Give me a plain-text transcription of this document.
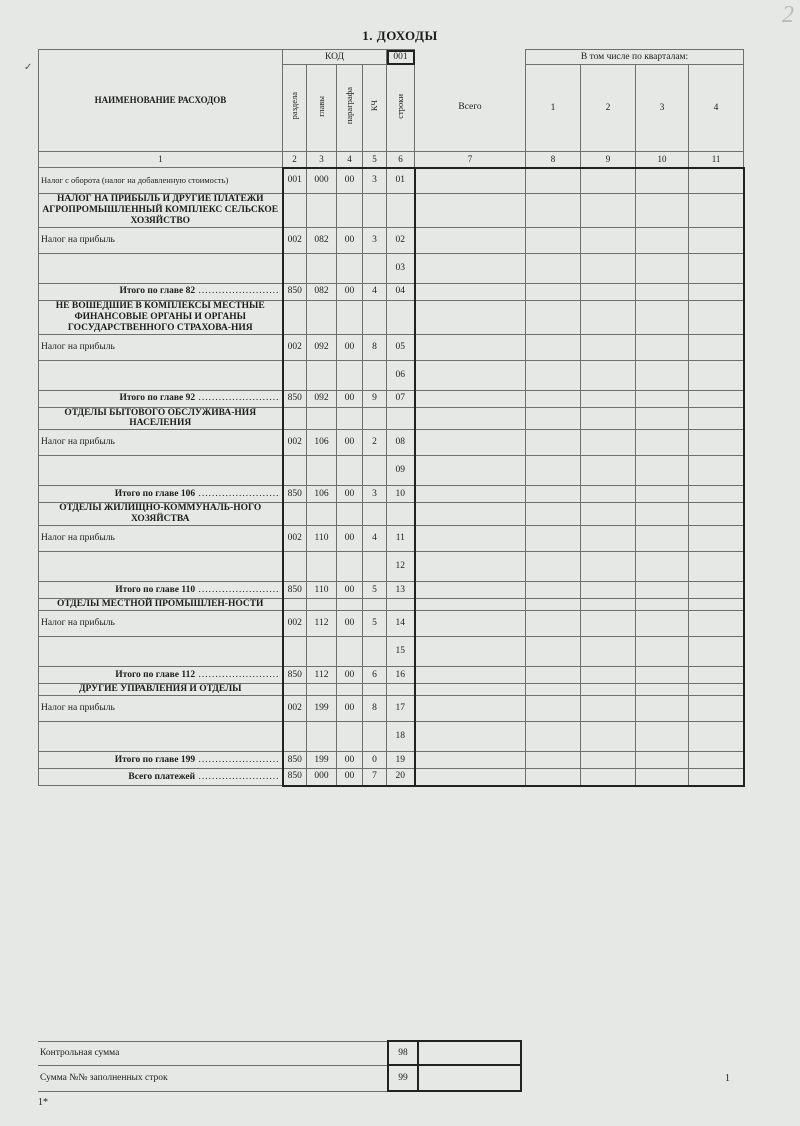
2
1. ДОХОДЫ
НАИМЕНОВАНИЕ РАСХОДОВ	КОД				001		В том числе по кварталам:			
	раздела	главы	параграфа	КЧ	строки	Всего	1	2	3	4
1	2	3	4	5	6	7	8	9	10	11
Налог с оборота (налог на добавленную стоимость)	001	000	00	3	01					
НАЛОГ НА ПРИБЫЛЬ И ДРУГИЕ ПЛАТЕЖИ АГРОПРОМЫШЛЕННЫЙ КОМПЛЕКС СЕЛЬСКОЕ ХОЗЯЙСТВО										
Налог на прибыль	002	082	00	3	02					
					03					
Итого по главе 82 ........................	850	082	00	4	04					
НЕ ВОШЕДШИЕ В КОМПЛЕКСЫ МЕСТНЫЕ ФИНАНСОВЫЕ ОРГАНЫ И ОРГАНЫ ГОСУДАРСТВЕННОГО СТРАХОВА-НИЯ										
Налог на прибыль	002	092	00	8	05					
					06					
Итого по главе 92 ........................	850	092	00	9	07					
ОТДЕЛЫ БЫТОВОГО ОБСЛУЖИВА-НИЯ НАСЕЛЕНИЯ										
Налог на прибыль	002	106	00	2	08					
					09					
Итого по главе 106 ........................	850	106	00	3	10					
ОТДЕЛЫ ЖИЛИЩНО-КОММУНАЛЬ-НОГО ХОЗЯЙСТВА										
Налог на прибыль	002	110	00	4	11					
					12					
Итого по главе 110 ........................	850	110	00	5	13					
ОТДЕЛЫ МЕСТНОЙ ПРОМЫШЛЕН-НОСТИ										
Налог на прибыль	002	112	00	5	14					
					15					
Итого по главе 112 ........................	850	112	00	6	16					
ДРУГИЕ УПРАВЛЕНИЯ И ОТДЕЛЫ										
Налог на прибыль	002	199	00	8	17					
					18					
Итого по главе 199 ........................	850	199	00	0	19					
Всего платежей ........................	850	000	00	7	20					
Контрольная сумма	98	
Сумма №№ заполненных строк	99		1
1*
✓
